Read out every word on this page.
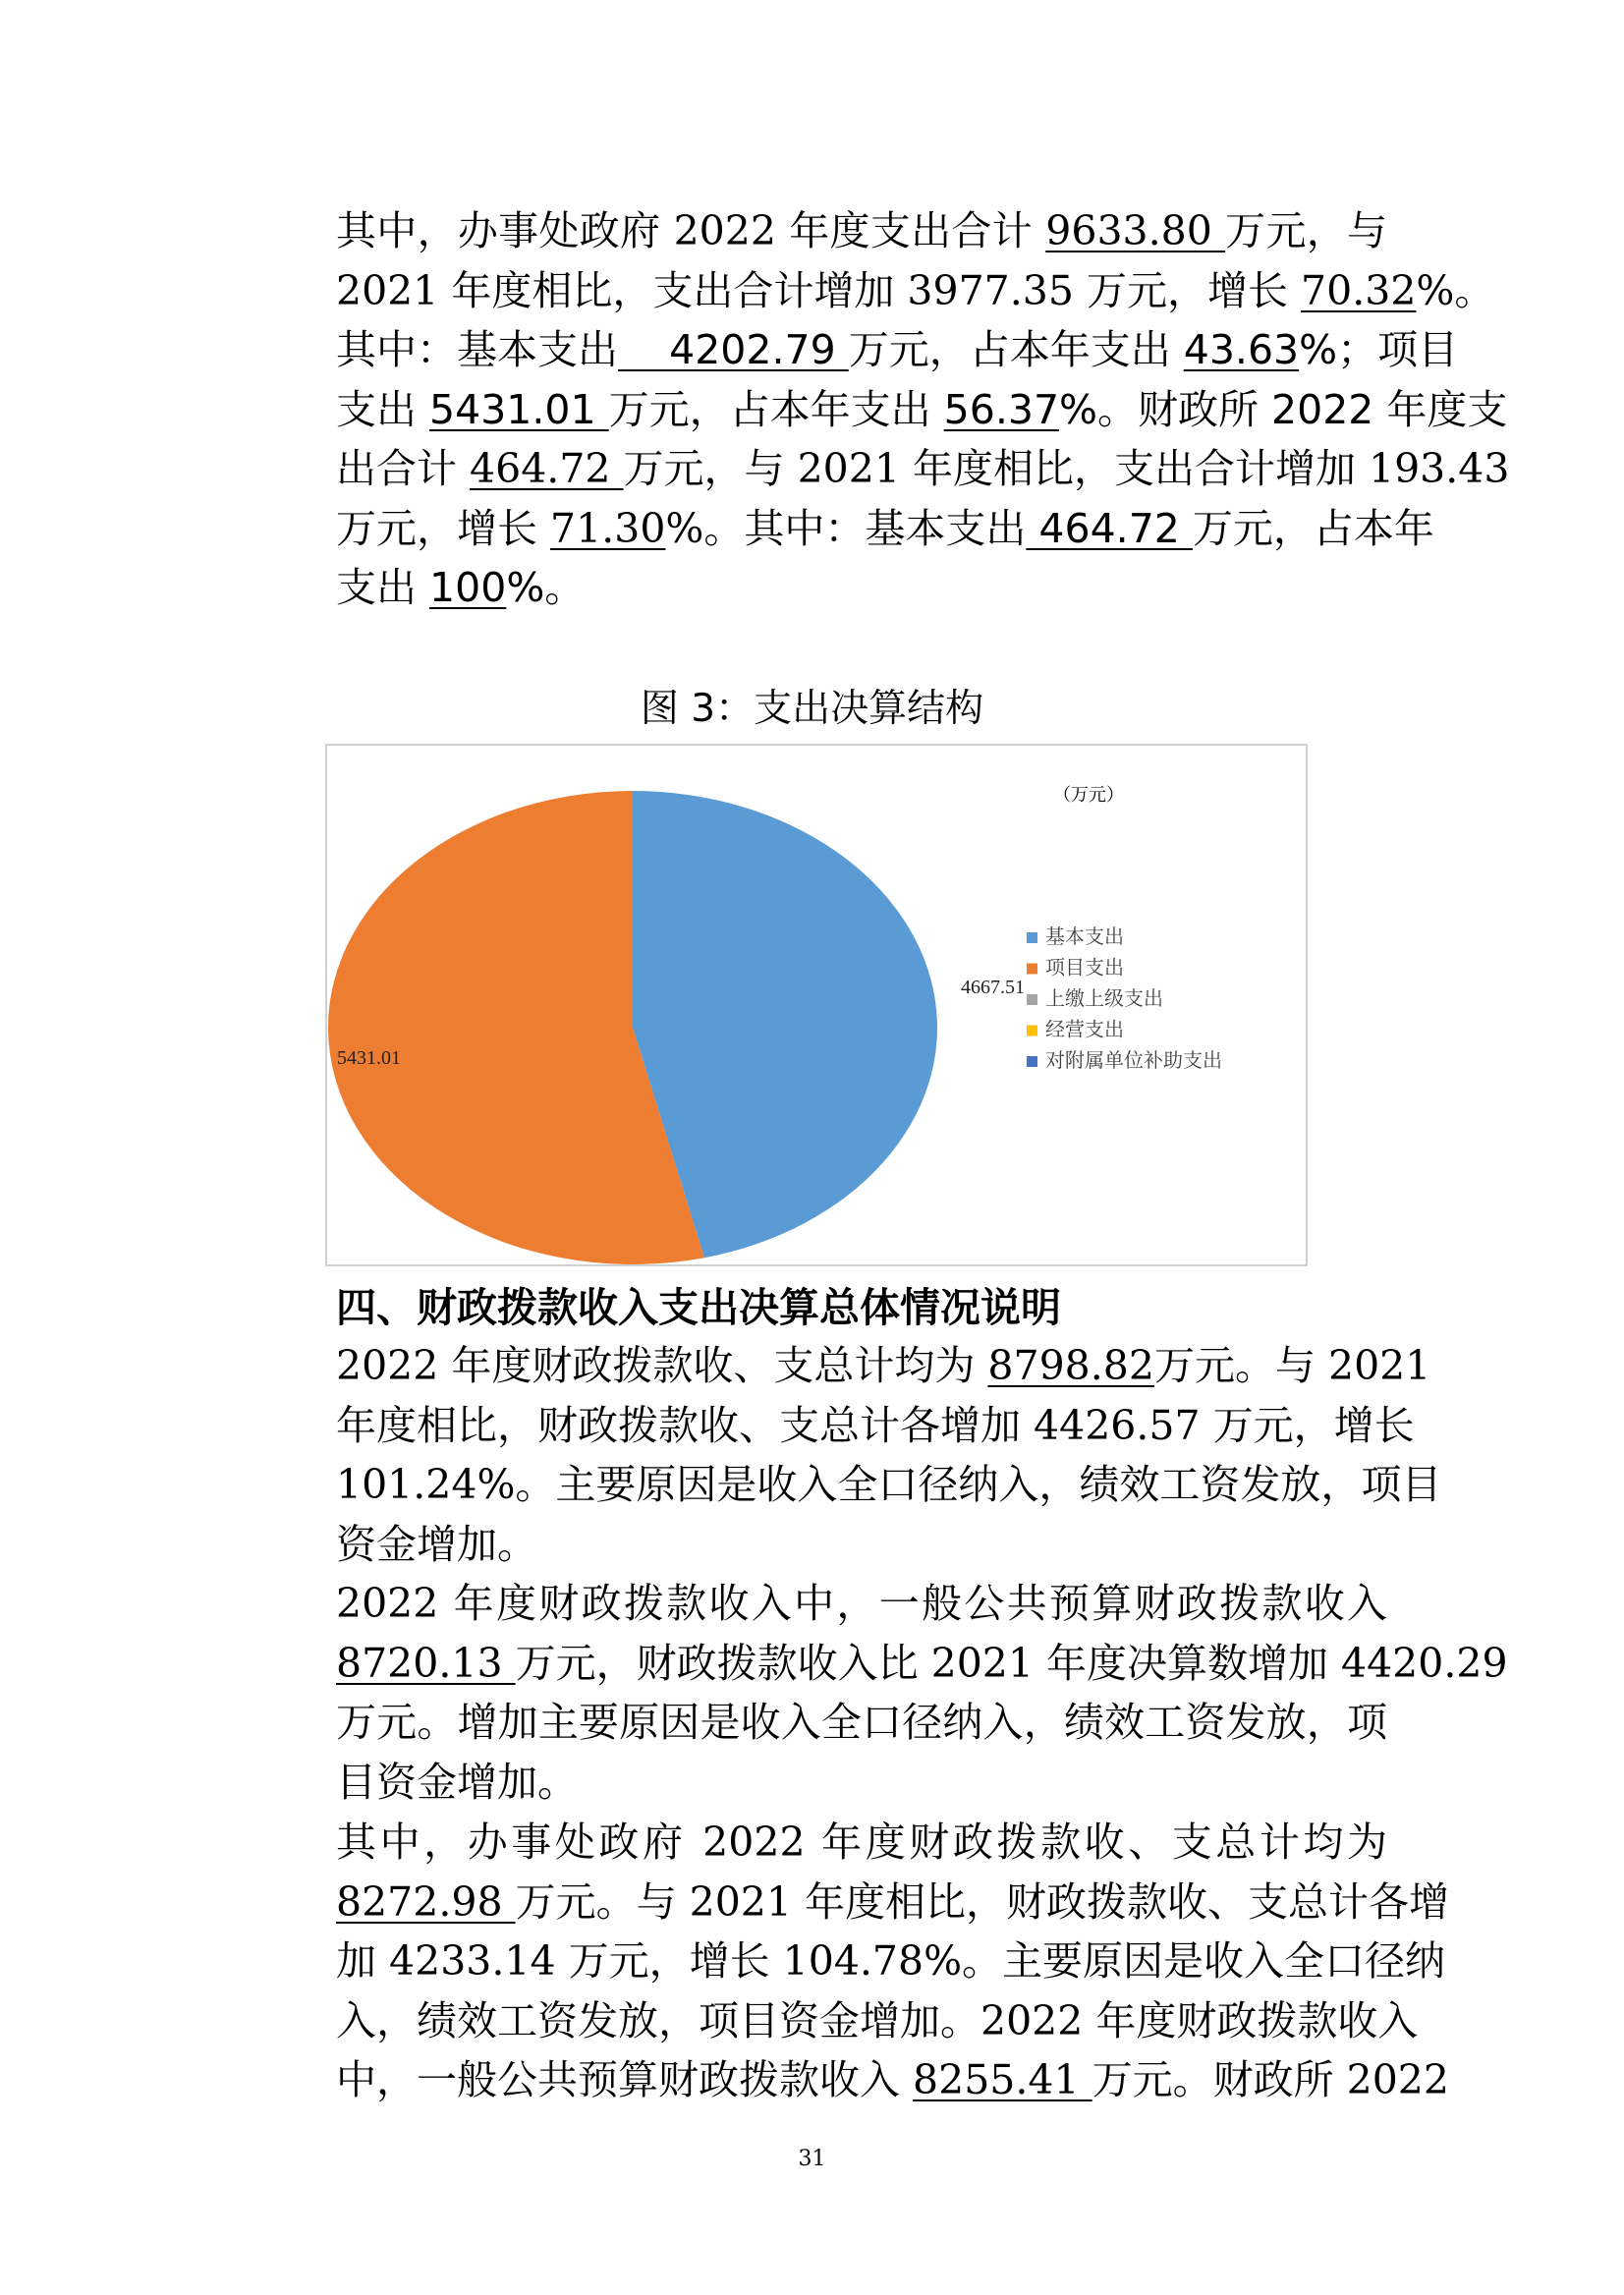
其中，办事处政府 2022 年度支出合计 9633.80 万元，与
2021 年度相比，支出合计增加 3977.35 万元，增长 70.32%。
其中：基本支出    4202.79 万元，占本年支出 43.63%；项目
支出 5431.01 万元，占本年支出 56.37%。财政所 2022 年度支
出合计 464.72 万元，与 2021 年度相比，支出合计增加 193.43
万元，增长 71.30%。其中：基本支出 464.72 万元，占本年
支出 100%。
图 3：支出决算结构
（万元）
4667.51
5431.01
基本支出
项目支出
上缴上级支出
经营支出
对附属单位补助支出
四、财政拨款收入支出决算总体情况说明
2022 年度财政拨款收、支总计均为 8798.82万元。与 2021
年度相比，财政拨款收、支总计各增加 4426.57 万元，增长
101.24%。主要原因是收入全口径纳入，绩效工资发放，项目
资金增加。
2022 年度财政拨款收入中，一般公共预算财政拨款收入
8720.13 万元，财政拨款收入比 2021 年度决算数增加 4420.29
万元。增加主要原因是收入全口径纳入，绩效工资发放，项
目资金增加。
其中，办事处政府 2022 年度财政拨款收、支总计均为
8272.98 万元。与 2021 年度相比，财政拨款收、支总计各增
加 4233.14 万元，增长 104.78%。主要原因是收入全口径纳
入，绩效工资发放，项目资金增加。2022 年度财政拨款收入
中，一般公共预算财政拨款收入 8255.41 万元。财政所 2022
31
